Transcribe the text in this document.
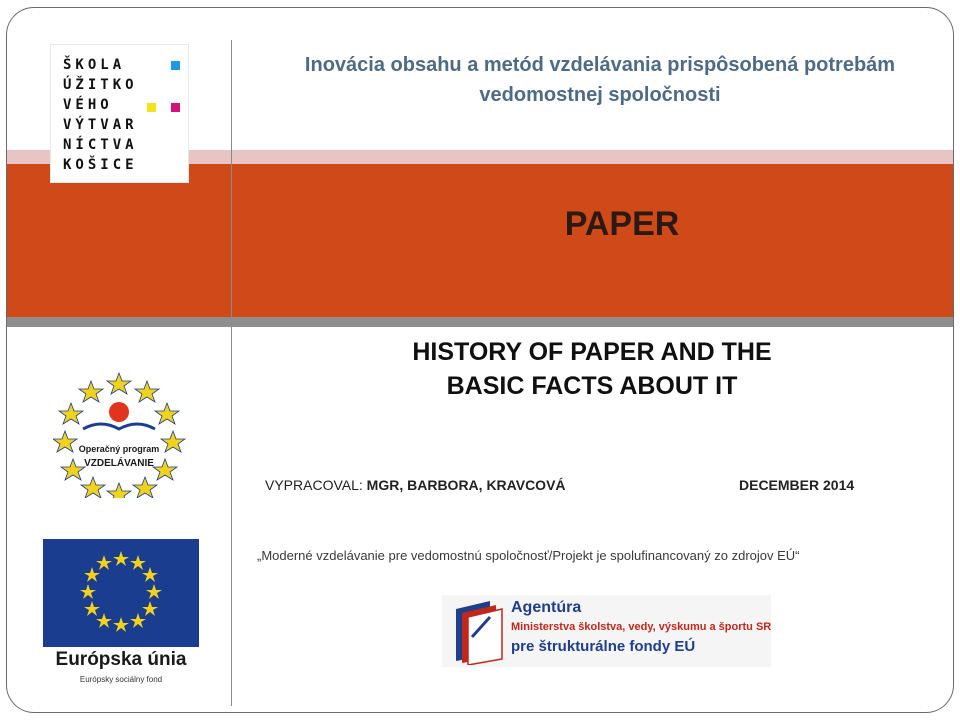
Inovácia obsahu a metód vzdelávania prispôsobená potrebám
vedomostnej spoločnosti
ŠKOLA
ÚŽITKO
VÉHO
VÝTVAR
NÍCTVA
KOŠICE
PAPER
HISTORY OF PAPER AND THE
BASIC FACTS ABOUT IT
Operačný program
VZDELÁVANIE
VYPRACOVAL: MGR, BARBORA, KRAVCOVÁ	DECEMBER 2014
„Moderné vzdelávanie pre vedomostnú spoločnosť/Projekt je spolufinancovaný zo zdrojov EÚ“
Európska únia
Európsky sociálny fond
Agentúra
Ministerstva školstva, vedy, výskumu a športu SR
pre štrukturálne fondy EÚ
